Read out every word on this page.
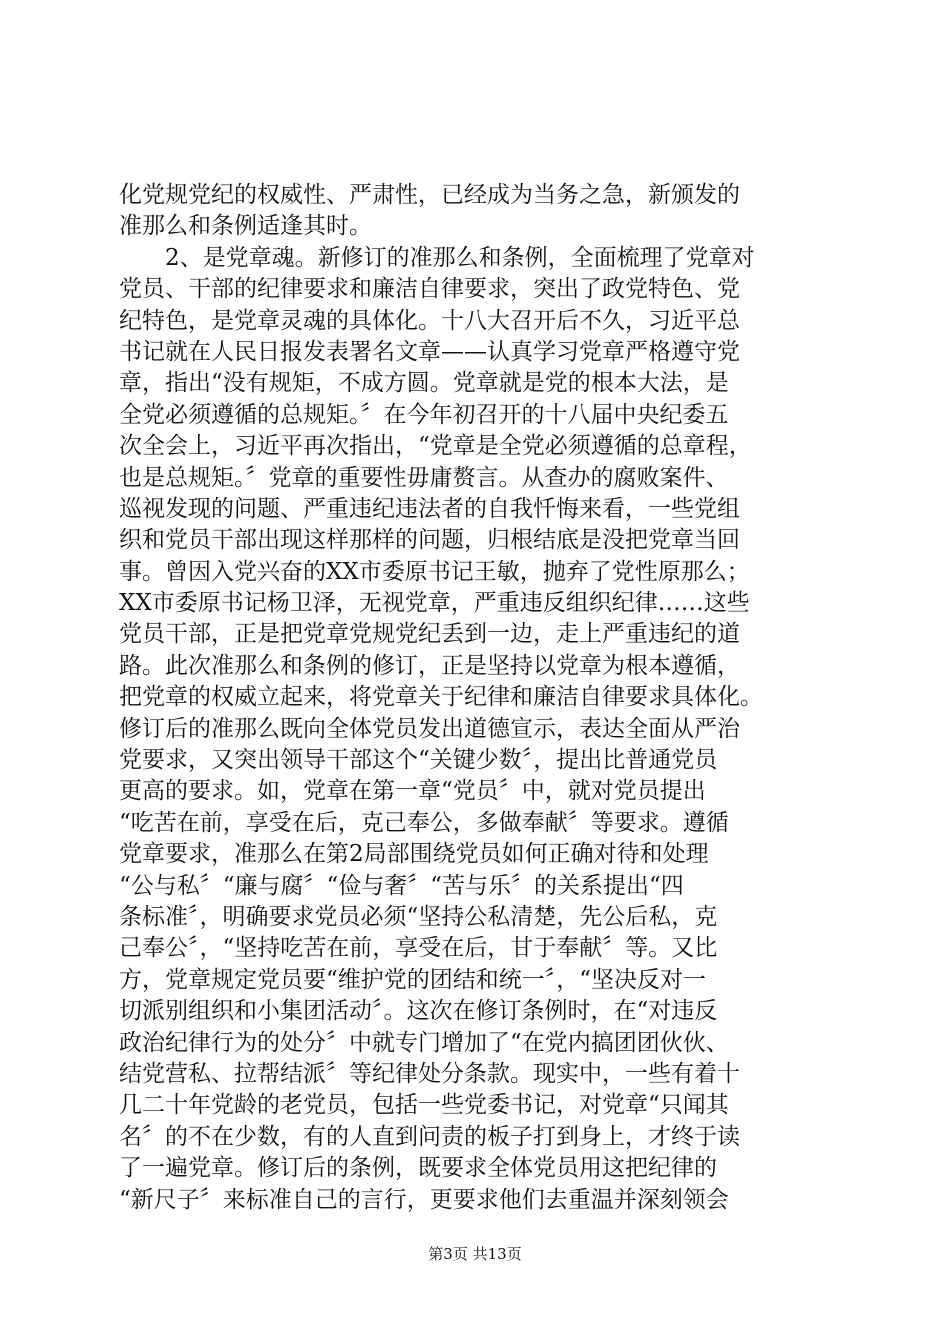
化党规党纪的权威性、严肃性，已经成为当务之急，新颁发的
准那么和条例适逢其时。
　　2、是党章魂。新修订的准那么和条例，全面梳理了党章对
党员、干部的纪律要求和廉洁自律要求，突出了政党特色、党
纪特色，是党章灵魂的具体化。十八大召开后不久，习近平总
书记就在人民日报发表署名文章——认真学习党章严格遵守党
章，指出“没有规矩，不成方圆。党章就是党的根本大法，是
全党必须遵循的总规矩。〞在今年初召开的十八届中央纪委五
次全会上，习近平再次指出，“党章是全党必须遵循的总章程，
也是总规矩。〞党章的重要性毋庸赘言。从查办的腐败案件、
巡视发现的问题、严重违纪违法者的自我忏悔来看，一些党组
织和党员干部出现这样那样的问题，归根结底是没把党章当回
事。曾因入党兴奋的XX市委原书记王敏，抛弃了党性原那么；
XX市委原书记杨卫泽，无视党章，严重违反组织纪律……这些
党员干部，正是把党章党规党纪丢到一边，走上严重违纪的道
路。此次准那么和条例的修订，正是坚持以党章为根本遵循，
把党章的权威立起来，将党章关于纪律和廉洁自律要求具体化。
修订后的准那么既向全体党员发出道德宣示，表达全面从严治
党要求，又突出领导干部这个“关键少数〞，提出比普通党员
更高的要求。如，党章在第一章“党员〞中，就对党员提出
“吃苦在前，享受在后，克己奉公，多做奉献〞等要求。遵循
党章要求，准那么在第2局部围绕党员如何正确对待和处理
“公与私〞“廉与腐〞“俭与奢〞“苦与乐〞的关系提出“四
条标准〞，明确要求党员必须“坚持公私清楚，先公后私，克
己奉公〞，“坚持吃苦在前，享受在后，甘于奉献〞等。又比
方，党章规定党员要“维护党的团结和统一〞，“坚决反对一
切派别组织和小集团活动〞。这次在修订条例时，在“对违反
政治纪律行为的处分〞中就专门增加了“在党内搞团团伙伙、
结党营私、拉帮结派〞等纪律处分条款。现实中，一些有着十
几二十年党龄的老党员，包括一些党委书记，对党章“只闻其
名〞的不在少数，有的人直到问责的板子打到身上，才终于读
了一遍党章。修订后的条例，既要求全体党员用这把纪律的
“新尺子〞来标准自己的言行，更要求他们去重温并深刻领会
第3页 共13页
